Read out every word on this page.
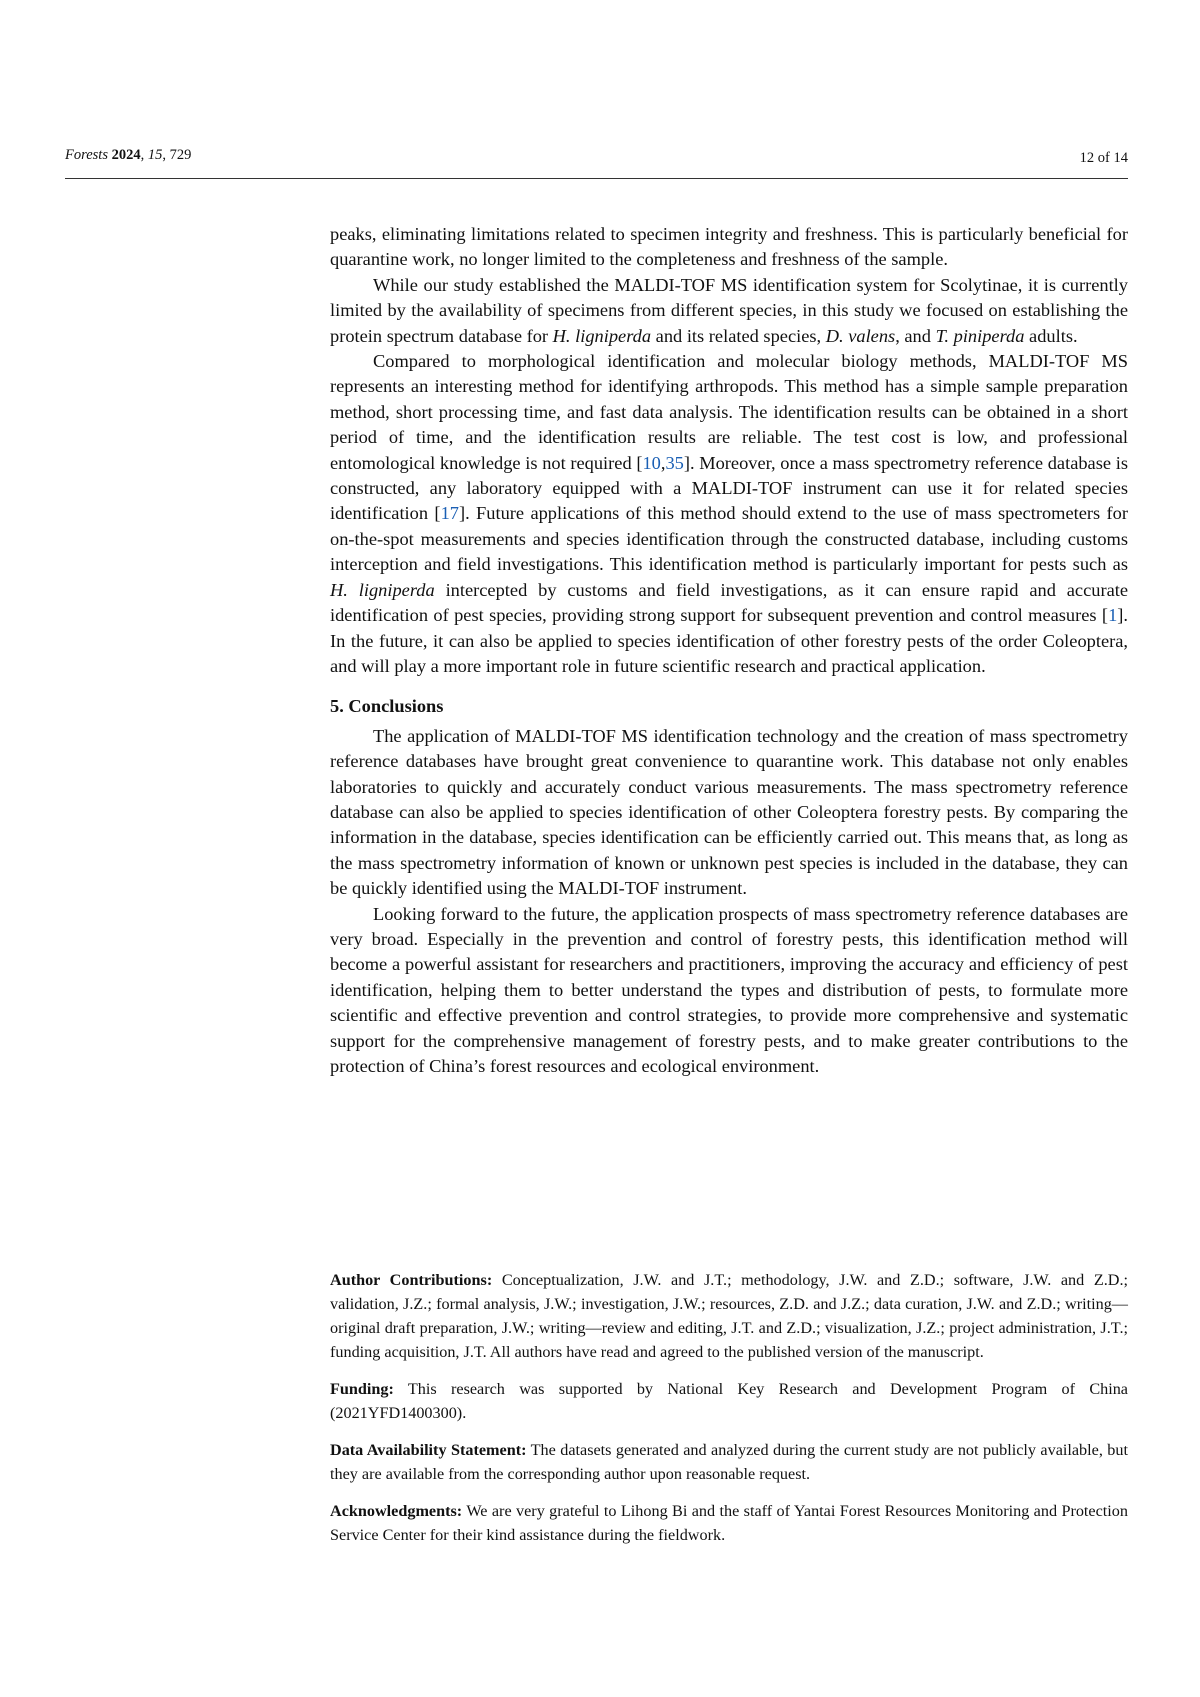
Forests 2024, 15, 729	12 of 14

peaks, eliminating limitations related to specimen integrity and freshness. This is particularly beneficial for quarantine work, no longer limited to the completeness and freshness of the sample.

While our study established the MALDI-TOF MS identification system for Scolytinae, it is currently limited by the availability of specimens from different species, in this study we focused on establishing the protein spectrum database for H. ligniperda and its related species, D. valens, and T. piniperda adults.

Compared to morphological identification and molecular biology methods, MALDI-TOF MS represents an interesting method for identifying arthropods. This method has a simple sample preparation method, short processing time, and fast data analysis. The identification results can be obtained in a short period of time, and the identification results are reliable. The test cost is low, and professional entomological knowledge is not required [10,35]. Moreover, once a mass spectrometry reference database is constructed, any laboratory equipped with a MALDI-TOF instrument can use it for related species identification [17]. Future applications of this method should extend to the use of mass spectrometers for on-the-spot measurements and species identification through the constructed database, including customs interception and field investigations. This identification method is particularly important for pests such as H. ligniperda intercepted by customs and field investigations, as it can ensure rapid and accurate identification of pest species, providing strong support for subsequent prevention and control measures [1]. In the future, it can also be applied to species identification of other forestry pests of the order Coleoptera, and will play a more important role in future scientific research and practical application.

5. Conclusions

The application of MALDI-TOF MS identification technology and the creation of mass spectrometry reference databases have brought great convenience to quarantine work. This database not only enables laboratories to quickly and accurately conduct various measurements. The mass spectrometry reference database can also be applied to species identification of other Coleoptera forestry pests. By comparing the information in the database, species identification can be efficiently carried out. This means that, as long as the mass spectrometry information of known or unknown pest species is included in the database, they can be quickly identified using the MALDI-TOF instrument.

Looking forward to the future, the application prospects of mass spectrometry reference databases are very broad. Especially in the prevention and control of forestry pests, this identification method will become a powerful assistant for researchers and practitioners, improving the accuracy and efficiency of pest identification, helping them to better understand the types and distribution of pests, to formulate more scientific and effective prevention and control strategies, to provide more comprehensive and systematic support for the comprehensive management of forestry pests, and to make greater contributions to the protection of China’s forest resources and ecological environment.

Author Contributions: Conceptualization, J.W. and J.T.; methodology, J.W. and Z.D.; software, J.W. and Z.D.; validation, J.Z.; formal analysis, J.W.; investigation, J.W.; resources, Z.D. and J.Z.; data curation, J.W. and Z.D.; writing—original draft preparation, J.W.; writing—review and editing, J.T. and Z.D.; visualization, J.Z.; project administration, J.T.; funding acquisition, J.T. All authors have read and agreed to the published version of the manuscript.

Funding: This research was supported by National Key Research and Development Program of China (2021YFD1400300).

Data Availability Statement: The datasets generated and analyzed during the current study are not publicly available, but they are available from the corresponding author upon reasonable request.

Acknowledgments: We are very grateful to Lihong Bi and the staff of Yantai Forest Resources Monitoring and Protection Service Center for their kind assistance during the fieldwork.
